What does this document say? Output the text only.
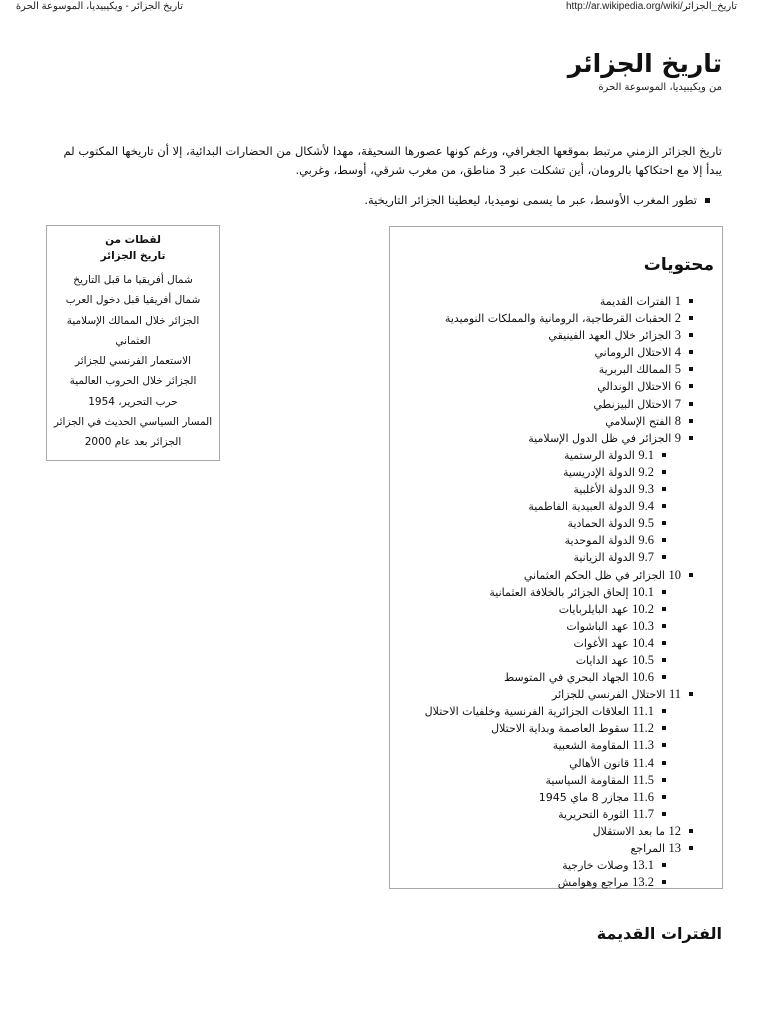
تاريخ الجزائر - ويكيبيديا، الموسوعة الحرة	http://ar.wikipedia.org/wiki/تاريخ_الجزائر
تاريخ الجزائر
من ويكيبيديا، الموسوعة الحرة

تاريخ الجزائر الزمني مرتبط بموقعها الجغرافي، ورغم كونها عصورها السحيقة، مهدا لأشكال من الحضارات البدائية، إلا أن تاريخها المكتوب لم يبدأ إلا مع احتكاكها بالرومان، أين تشكلت عبر 3 مناطق، من مغرب شرقي، أوسط، وغربي.

تطور المغرب الأوسط، عبر ما يسمى نوميديا، ليعطينا الجزائر التاريخية.
لقطات من
تاريخ الجزائر
شمال أفريقيا ما قبل التاريخ
شمال أفريقيا قبل دخول العرب
الجزائر خلال الممالك الإسلامية
العثماني
الاستعمار الفرنسي للجزائر
الجزائر خلال الحروب العالمية
حرب التحرير، 1954
المسار السياسي الحديث في الجزائر
الجزائر بعد عام 2000
محتويات
1 الفترات القديمة
2 الحقبات القرطاجية، الرومانية والمملكات النوميدية
3 الجزائر خلال العهد الفينيقي
4 الاحتلال الروماني
5 الممالك البربرية
6 الاحتلال الوندالي
7 الاحتلال البيزنطي
8 الفتح الإسلامي
9 الجزائر في ظل الدول الإسلامية
9.1 الدولة الرستمية
9.2 الدولة الإدريسية
9.3 الدولة الأغلبية
9.4 الدولة العبيدية الفاطمية
9.5 الدولة الحمادية
9.6 الدولة الموحدية
9.7 الدولة الزيانية
10 الجزائر في ظل الحكم العثماني
10.1 إلحاق الجزائر بالخلافة العثمانية
10.2 عهد البايلربايات
10.3 عهد الباشوات
10.4 عهد الأغوات
10.5 عهد الدايات
10.6 الجهاد البحري في المتوسط
11 الاحتلال الفرنسي للجزائر
11.1 العلاقات الجزائرية الفرنسية وخلفيات الاحتلال
11.2 سقوط العاصمة وبداية الاحتلال
11.3 المقاومة الشعبية
11.4 قانون الأهالي
11.5 المقاومة السياسية
11.6 مجازر 8 ماي 1945
11.7 الثورة التحريرية
12 ما بعد الاستقلال
13 المراجع
13.1 وصلات خارجية
13.2 مراجع وهوامش
الفترات القديمة
